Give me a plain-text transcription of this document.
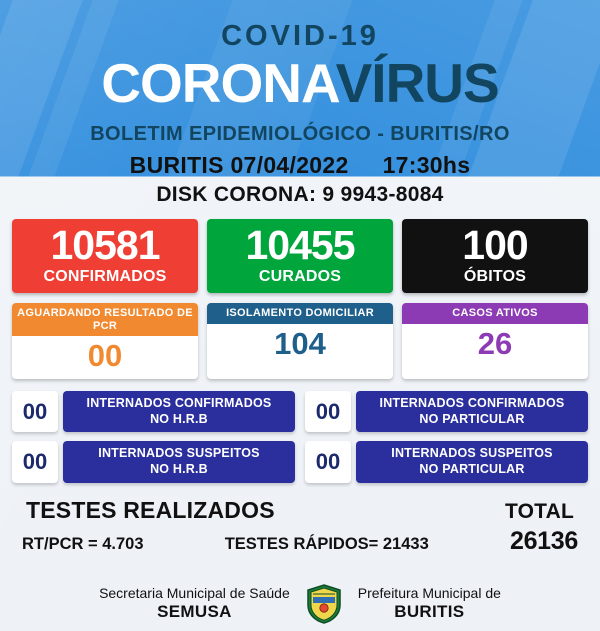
COVID-19
CORONAVÍRUS
BOLETIM EPIDEMIOLÓGICO - BURITIS/RO
BURITIS 07/04/2022 17:30hs
DISK CORONA: 9 9943-8084
10581
CONFIRMADOS
10455
CURADOS
100
ÓBITOS
AGUARDANDO RESULTADO DE PCR
00
ISOLAMENTO DOMICILIAR
104
CASOS ATIVOS
26
00	INTERNADOS CONFIRMADOS
NO H.R.B	00	INTERNADOS CONFIRMADOS
NO PARTICULAR
00	INTERNADOS SUSPEITOS
NO H.R.B	00	INTERNADOS SUSPEITOS
NO PARTICULAR
TESTES REALIZADOS	TOTAL
RT/PCR = 4.703	TESTES RÁPIDOS= 21433	26136
Secretaria Municipal de Saúde
SEMUSA
Prefeitura Municipal de
BURITIS
